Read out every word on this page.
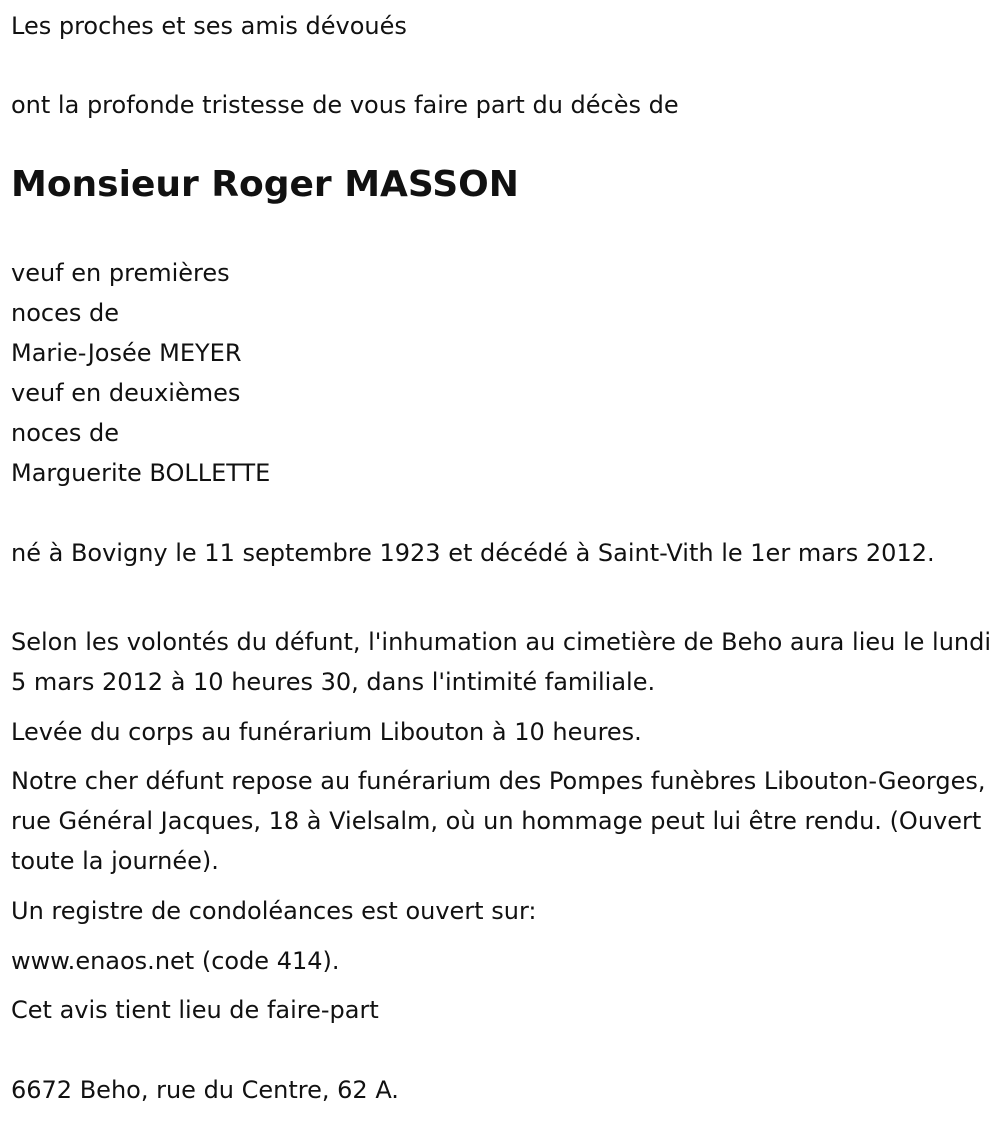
Les proches et ses amis dévoués

ont la profonde tristesse de vous faire part du décès de

Monsieur Roger MASSON

veuf en premières

noces de

Marie-Josée MEYER

veuf en deuxièmes

noces de

Marguerite BOLLETTE

né à Bovigny le 11 septembre 1923 et décédé à Saint-Vith le 1er mars 2012.

Selon les volontés du défunt, l'inhumation au cimetière de Beho aura lieu le lundi 5 mars 2012 à 10 heures 30, dans l'intimité familiale.

Levée du corps au funérarium Libouton à 10 heures.

Notre cher défunt repose au funérarium des Pompes funèbres Libouton-Georges, rue Général Jacques, 18 à Vielsalm, où un hommage peut lui être rendu. (Ouvert toute la journée).

Un registre de condoléances est ouvert sur:

www.enaos.net (code 414).

Cet avis tient lieu de faire-part

6672 Beho, rue du Centre, 62 A.
